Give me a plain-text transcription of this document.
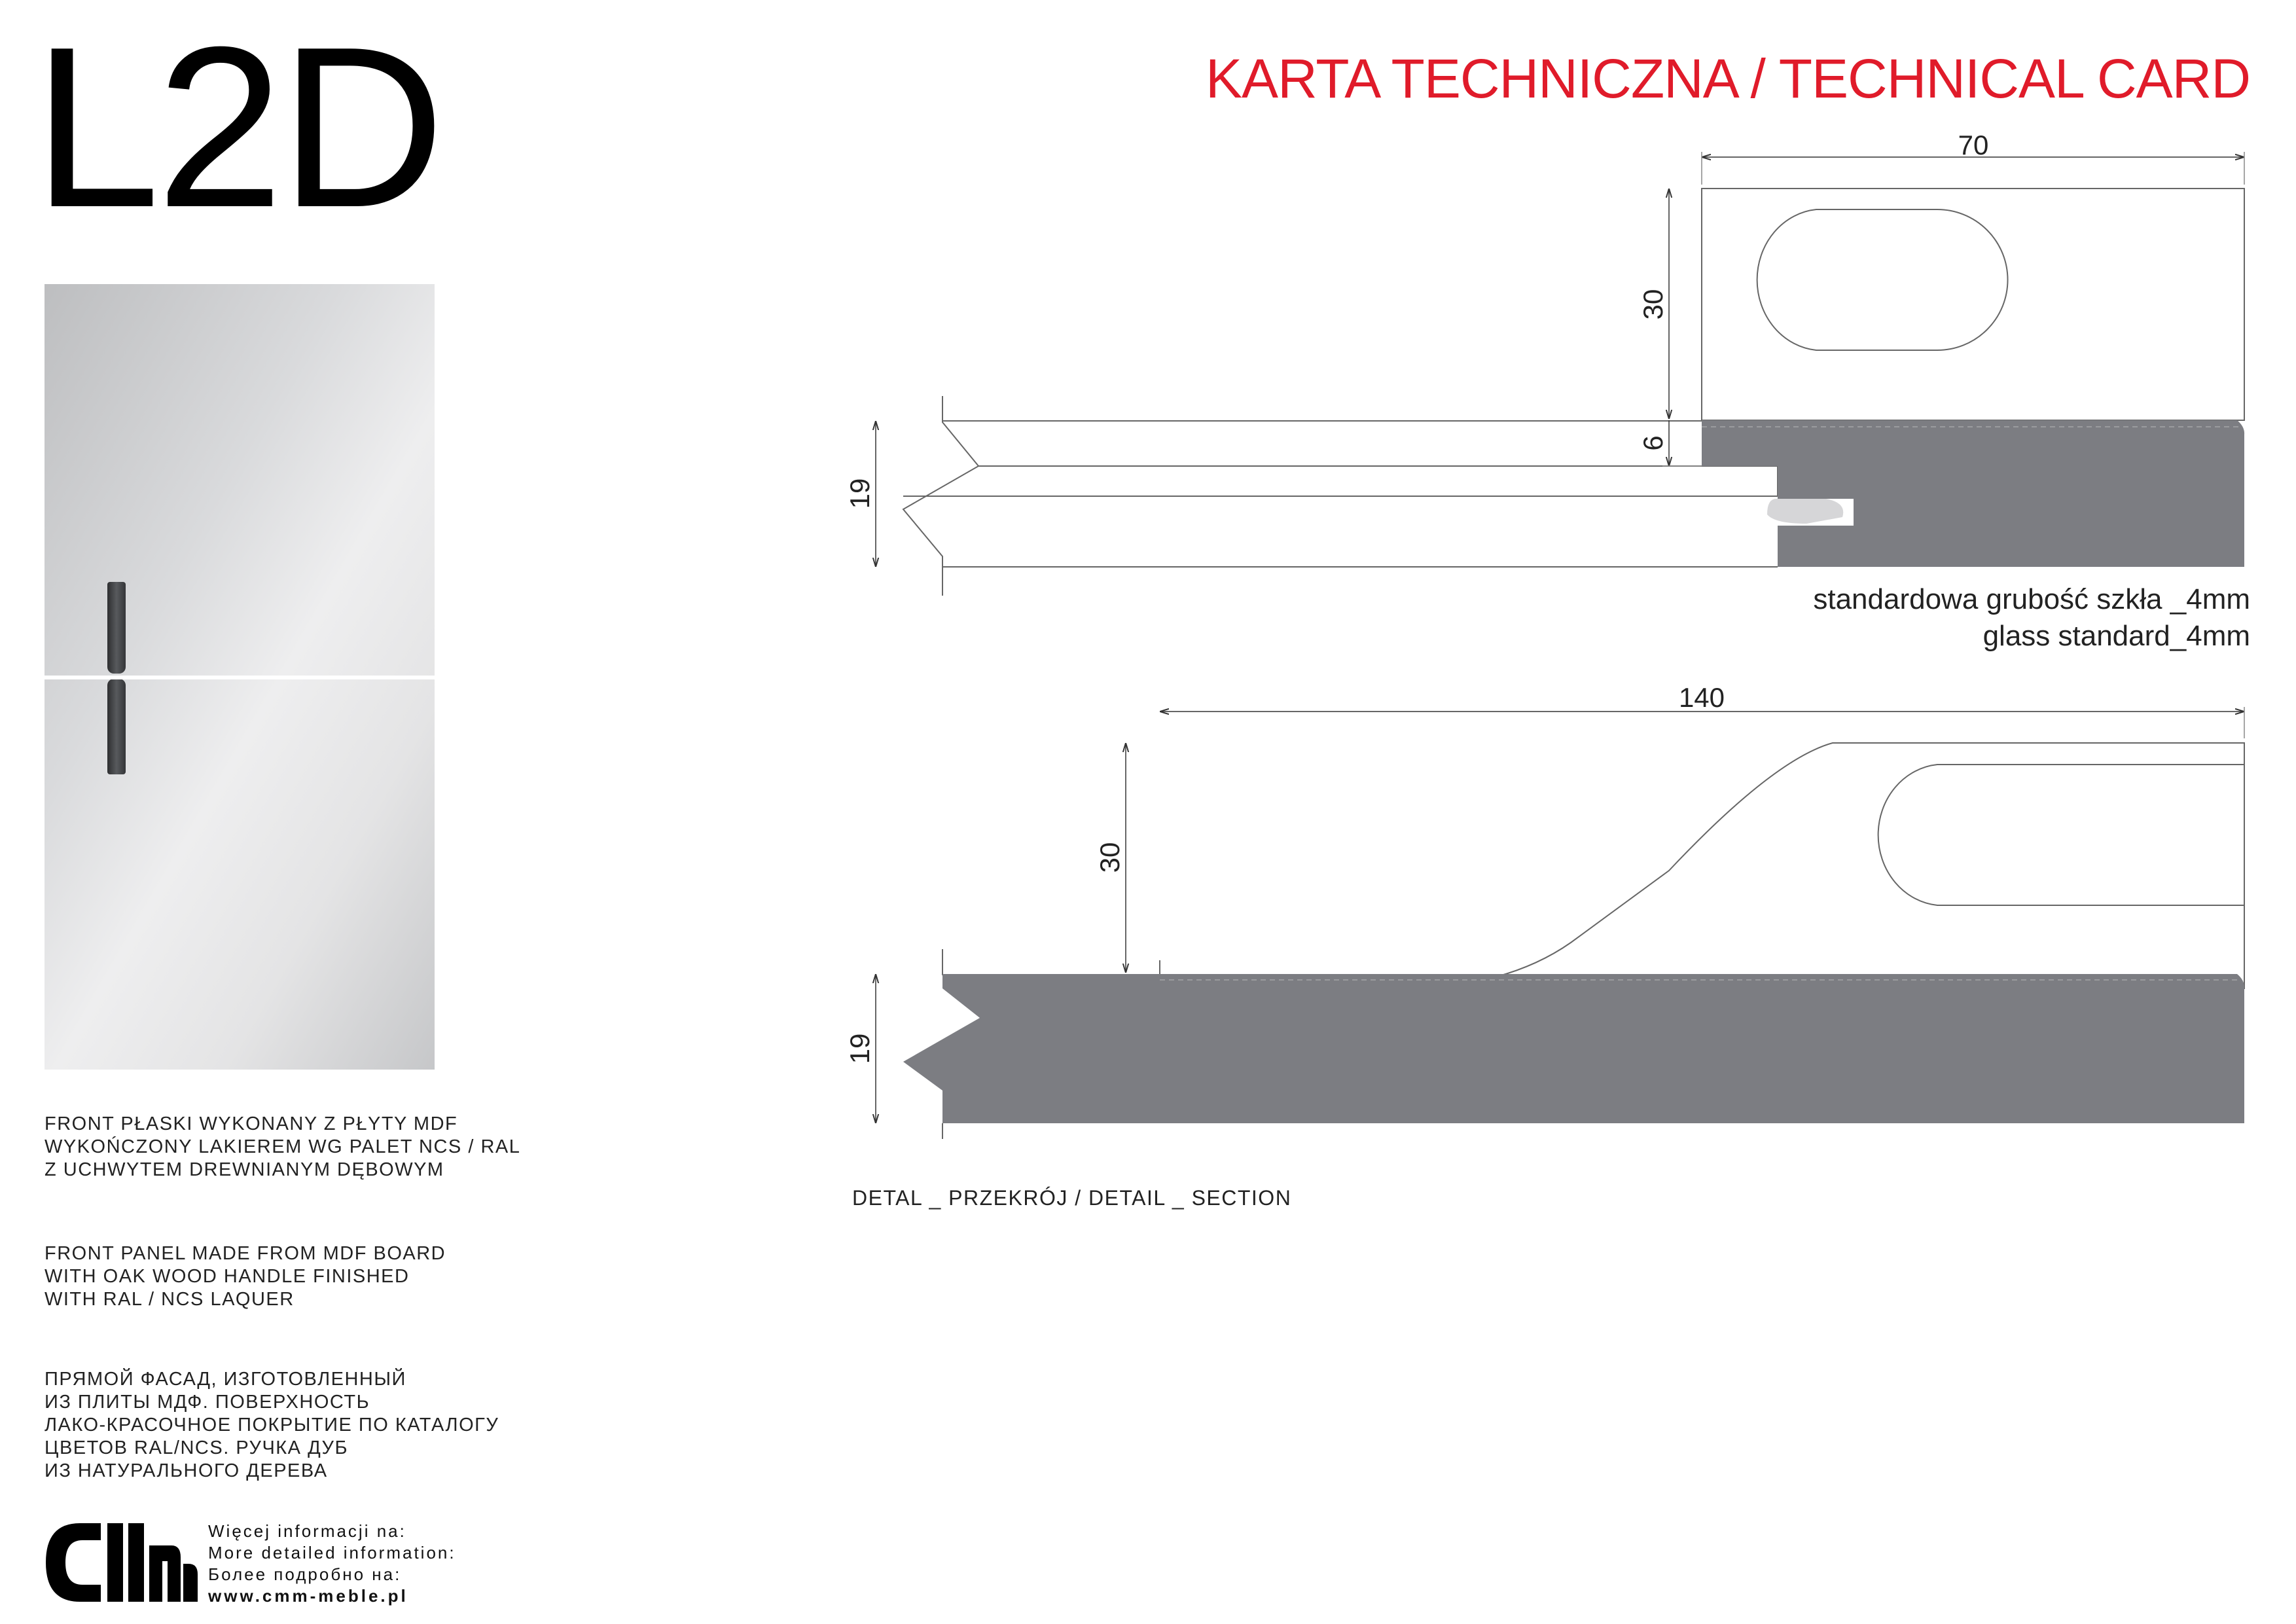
L2D	KARTA TECHNICZNA / TECHNICAL CARD
FRONT PŁASKI WYKONANY Z PŁYTY MDF
WYKOŃCZONY LAKIEREM WG PALET NCS / RAL
Z UCHWYTEM DREWNIANYM DĘBOWYM
FRONT PANEL MADE FROM MDF BOARD
WITH OAK WOOD HANDLE FINISHED
WITH RAL / NCS LAQUER
ПРЯМОЙ ФАСАД, ИЗГОТОВЛЕННЫЙ
ИЗ ПЛИТЫ МДФ. ПОВЕРХНОСТЬ
ЛАКО-КРАСОЧНОЕ ПОКРЫТИЕ ПО КАТАЛОГУ
ЦВЕТОВ RAL/NCS. РУЧКА ДУБ
ИЗ НАТУРАЛЬНОГО ДЕРЕВА
Więcej informacji na:
More detailed information:
Более подробно на:
www.cmm-meble.pl
70
30
6
19
140
30
19
standardowa grubość szkła _4mm
glass standard_4mm
DETAL _ PRZEKRÓJ / DETAIL _ SECTION
